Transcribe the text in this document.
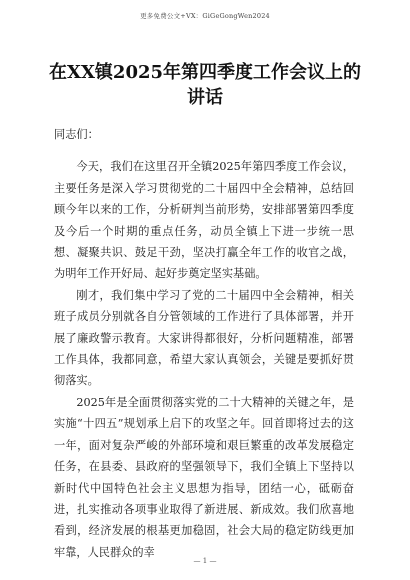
更多免费公文+VX：GiGeGongWen2024
在XX镇2025年第四季度工作会议上的讲话

同志们：

今天，我们在这里召开全镇2025年第四季度工作会议，主要任务是深入学习贯彻党的二十届四中全会精神，总结回顾今年以来的工作，分析研判当前形势，安排部署第四季度及今后一个时期的重点任务，动员全镇上下进一步统一思想、凝聚共识、鼓足干劲，坚决打赢全年工作的收官之战，为明年工作开好局、起好步奠定坚实基础。

刚才，我们集中学习了党的二十届四中全会精神，相关班子成员分别就各自分管领域的工作进行了具体部署，并开展了廉政警示教育。大家讲得都很好，分析问题精准，部署工作具体，我都同意，希望大家认真领会，关键是要抓好贯彻落实。

2025年是全面贯彻落实党的二十大精神的关键之年，是实施“十四五”规划承上启下的攻坚之年。回首即将过去的这一年，面对复杂严峻的外部环境和艰巨繁重的改革发展稳定任务，在县委、县政府的坚强领导下，我们全镇上下坚持以新时代中国特色社会主义思想为指导，团结一心，砥砺奋进，扎实推动各项事业取得了新进展、新成效。我们欣喜地看到，经济发展的根基更加稳固，社会大局的稳定防线更加牢靠，人民群众的幸

— 1 —
